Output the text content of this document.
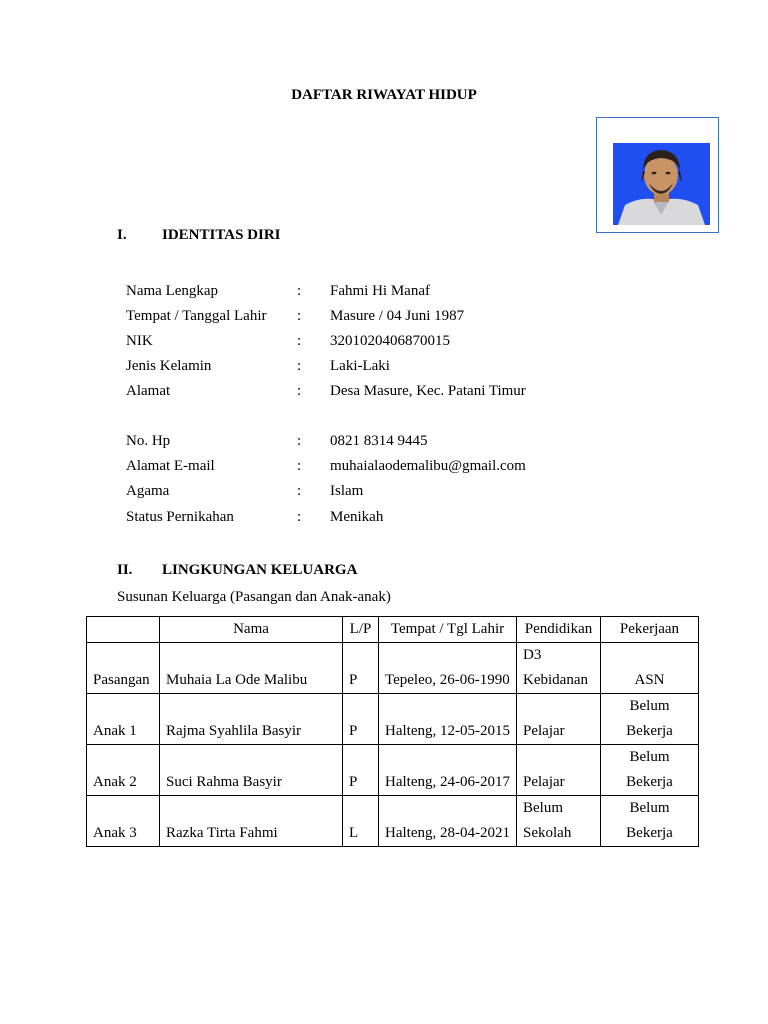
DAFTAR RIWAYAT HIDUP
I. IDENTITAS DIRI
Nama Lengkap	: Fahmi Hi Manaf
Tempat / Tanggal Lahir : Masure / 04 Juni 1987
NIK	: 3201020406870015
Jenis Kelamin	: Laki-Laki
Alamat	: Desa Masure, Kec. Patani Timur
No. Hp	: 0821 8314 9445
Alamat E-mail	: muhaialaodemalibu@gmail.com
Agama	: Islam
Status Pernikahan	: Menikah
II. LINGKUNGAN KELUARGA
Susunan Keluarga (Pasangan dan Anak-anak)
	Nama	L/P	Tempat / Tgl Lahir	Pendidikan	Pekerjaan
Pasangan	Muhaia La Ode Malibu	P	Tepeleo, 26-06-1990	D3 Kebidanan	ASN
Anak 1	Rajma Syahlila Basyir	P	Halteng, 12-05-2015	Pelajar	Belum Bekerja
Anak 2	Suci Rahma Basyir	P	Halteng, 24-06-2017	Pelajar	Belum Bekerja
Anak 3	Razka Tirta Fahmi	L	Halteng, 28-04-2021	Belum Sekolah	Belum Bekerja
